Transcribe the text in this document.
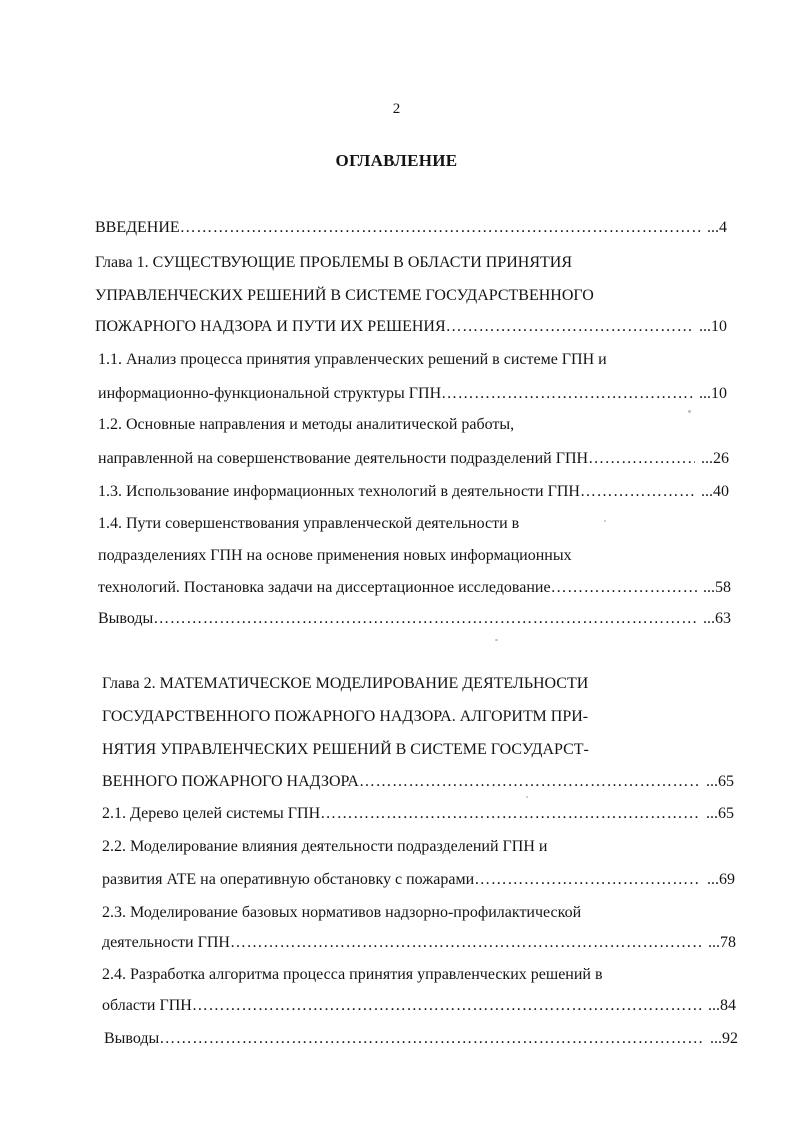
2
ОГЛАВЛЕНИЕ
ВВЕДЕНИЕ ………………………………………………………………………………………………………………………………………………………………	...4
Глава 1. СУЩЕСТВУЮЩИЕ ПРОБЛЕМЫ В ОБЛАСТИ ПРИНЯТИЯ
УПРАВЛЕНЧЕСКИХ РЕШЕНИЙ В СИСТЕМЕ ГОСУДАРСТВЕННОГО
ПОЖАРНОГО НАДЗОРА И ПУТИ ИХ РЕШЕНИЯ ………………………………………………………………………………………………………………………………………………………………	...10
1.1. Анализ процесса принятия управленческих решений в системе ГПН и
информационно-функциональной структуры ГПН ………………………………………………………………………………………………………………………………………………………………	...10
1.2. Основные направления и методы аналитической работы,
направленной на совершенствование деятельности подразделений ГПН ………………………………………………………………………………………………………………………………………………………………	...26
1.3. Использование информационных технологий в деятельности ГПН ………………………………………………………………………………………………………………………………………………………………	...40
1.4. Пути совершенствования управленческой деятельности в
подразделениях ГПН на основе применения новых информационных
технологий. Постановка задачи на диссертационное исследование ………………………………………………………………………………………………………………………………………………………………	...58
Выводы ………………………………………………………………………………………………………………………………………………………………	...63
Глава 2. МАТЕМАТИЧЕСКОЕ МОДЕЛИРОВАНИЕ ДЕЯТЕЛЬНОСТИ
ГОСУДАРСТВЕННОГО ПОЖАРНОГО НАДЗОРА. АЛГОРИТМ ПРИ-
НЯТИЯ УПРАВЛЕНЧЕСКИХ РЕШЕНИЙ В СИСТЕМЕ ГОСУДАРСТ-
ВЕННОГО ПОЖАРНОГО НАДЗОРА ………………………………………………………………………………………………………………………………………………………………	...65
2.1. Дерево целей системы ГПН ………………………………………………………………………………………………………………………………………………………………	...65
2.2. Моделирование влияния деятельности подразделений ГПН и
развития АТЕ на оперативную обстановку с пожарами ………………………………………………………………………………………………………………………………………………………………	...69
2.3. Моделирование базовых нормативов надзорно-профилактической
деятельности ГПН ………………………………………………………………………………………………………………………………………………………………	...78
2.4. Разработка алгоритма процесса принятия управленческих решений в
области ГПН ………………………………………………………………………………………………………………………………………………………………	...84
Выводы ………………………………………………………………………………………………………………………………………………………………	...92
